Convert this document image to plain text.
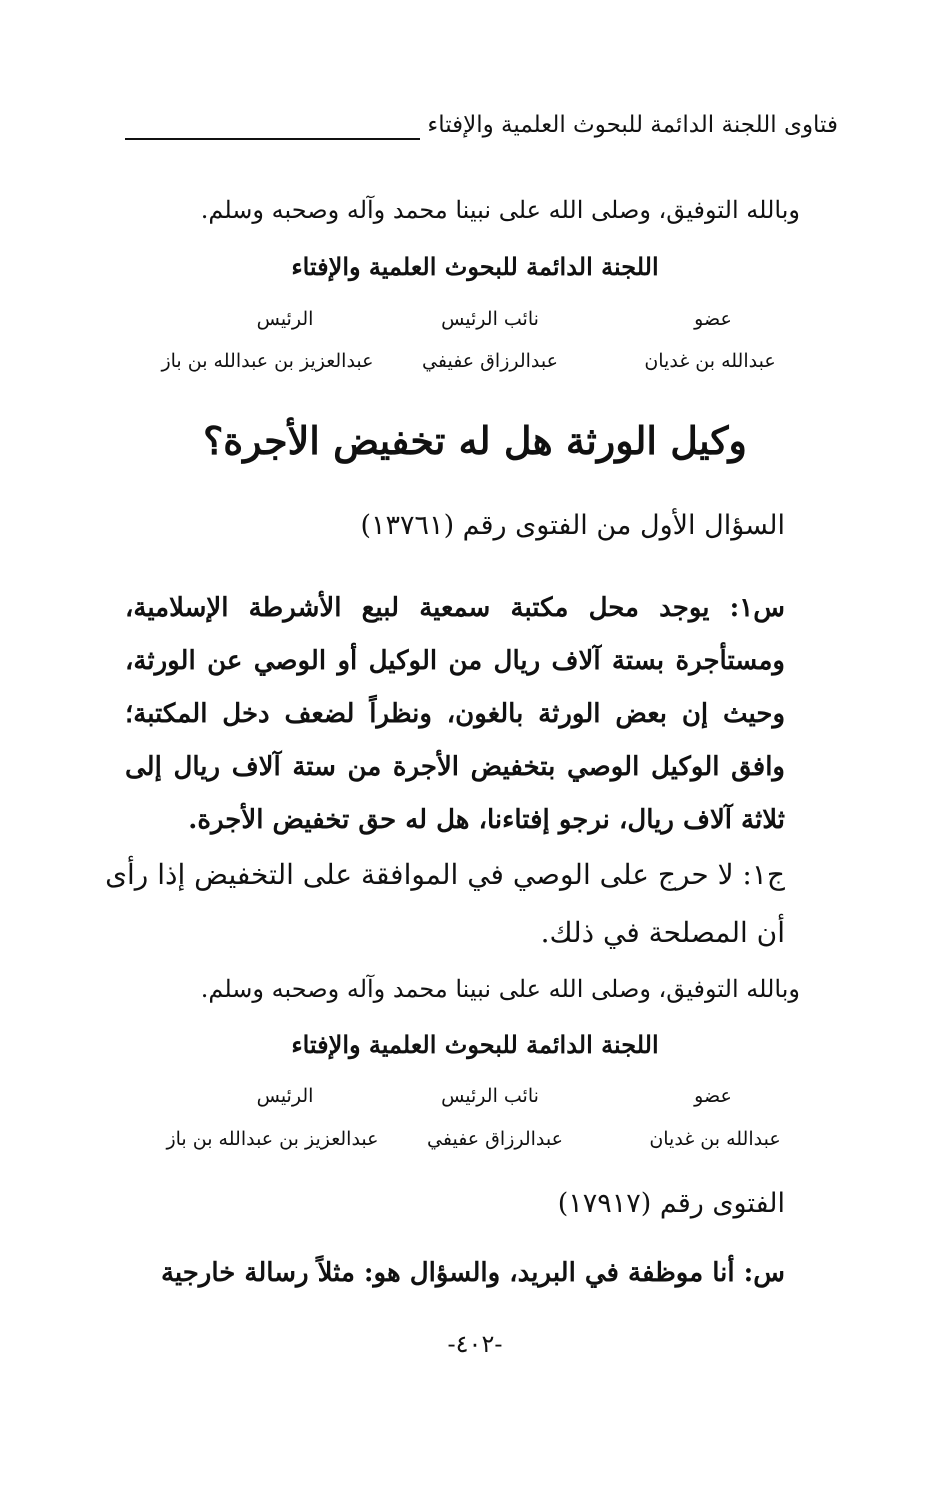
فتاوى اللجنة الدائمة للبحوث العلمية والإفتاء
وبالله التوفيق، وصلى الله على نبينا محمد وآله وصحبه وسلم.
اللجنة الدائمة للبحوث العلمية والإفتاء
عضو
نائب الرئيس
الرئيس
عبدالله بن غديان
عبدالرزاق عفيفي
عبدالعزيز بن عبدالله بن باز
وكيل الورثة هل له تخفيض الأجرة؟
السؤال الأول من الفتوى رقم (١٣٧٦١)
س١: يوجد محل مكتبة سمعية لبيع الأشرطة الإسلامية، ومستأجرة بستة آلاف ريال من الوكيل أو الوصي عن الورثة، وحيث إن بعض الورثة بالغون، ونظراً لضعف دخل المكتبة؛ وافق الوكيل الوصي بتخفيض الأجرة من ستة آلاف ريال إلى ثلاثة آلاف ريال، نرجو إفتاءنا، هل له حق تخفيض الأجرة.
ج١: لا حرج على الوصي في الموافقة على التخفيض إذا رأى أن المصلحة في ذلك.
وبالله التوفيق، وصلى الله على نبينا محمد وآله وصحبه وسلم.
اللجنة الدائمة للبحوث العلمية والإفتاء
عضو
نائب الرئيس
الرئيس
عبدالله بن غديان
عبدالرزاق عفيفي
عبدالعزيز بن عبدالله بن باز
الفتوى رقم (١٧٩١٧)
س: أنا موظفة في البريد، والسؤال هو: مثلاً رسالة خارجية
-٤٠٢-
